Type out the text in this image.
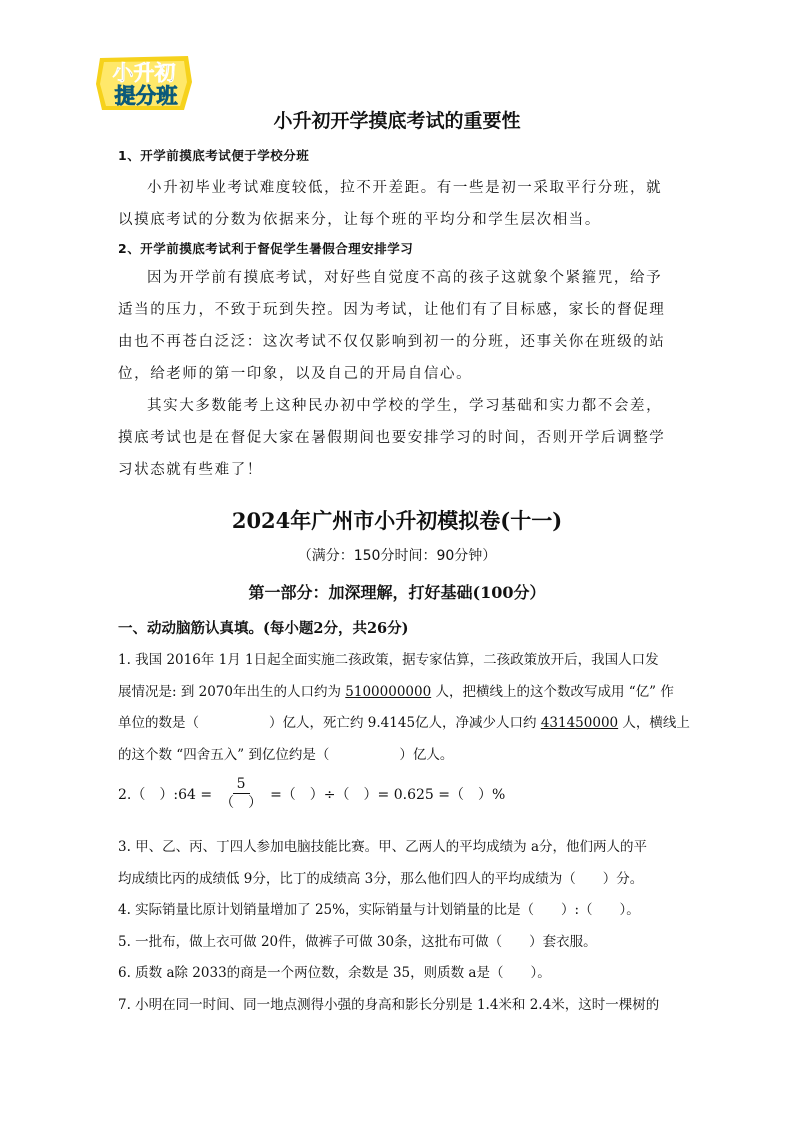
小升初
提分班
小升初开学摸底考试的重要性
1、开学前摸底考试便于学校分班

小升初毕业考试难度较低，拉不开差距。有一些是初一采取平行分班，就以摸底考试的分数为依据来分，让每个班的平均分和学生层次相当。

2、开学前摸底考试利于督促学生暑假合理安排学习

因为开学前有摸底考试，对好些自觉度不高的孩子这就象个紧箍咒，给予适当的压力，不致于玩到失控。因为考试，让他们有了目标感，家长的督促理由也不再苍白泛泛：这次考试不仅仅影响到初一的分班，还事关你在班级的站位，给老师的第一印象，以及自己的开局自信心。

其实大多数能考上这种民办初中学校的学生，学习基础和实力都不会差，摸底考试也是在督促大家在暑假期间也要安排学习的时间，否则开学后调整学习状态就有些难了！

2024年广州市小升初模拟卷(十一)
（满分：150分时间：90分钟）
第一部分：加深理解，打好基础(100分）
一、动动脑筋认真填。(每小题2分，共26分)

1. 我国 2016年 1月 1日起全面实施二孩政策，据专家估算，二孩政策放开后，我国人口发

展情况是: 到 2070年出生的人口约为 5100000000 人，把横线上的这个数改写成用 “亿” 作

单位的数是（	）亿人，死亡约 9.4145亿人，净减少人口约 431450000 人，横线上

的这个数 “四舍五入” 到亿位约是（	）亿人。

2.（　）:64 = $\frac{5}{( )}$ =（　）÷（　）= 0.625 =（　）%

3. 甲、乙、丙、丁四人参加电脑技能比赛。甲、乙两人的平均成绩为 a分，他们两人的平

均成绩比丙的成绩低 9分，比丁的成绩高 3分，那么他们四人的平均成绩为（　　）分。

4. 实际销量比原计划销量增加了 25%，实际销量与计划销量的比是（　　）:（　　）。

5. 一批布，做上衣可做 20件，做裤子可做 30条，这批布可做（　　）套衣服。

6. 质数 a除 2033的商是一个两位数，余数是 35，则质数 a是（　　）。

7. 小明在同一时间、同一地点测得小强的身高和影长分别是 1.4米和 2.4米，这时一棵树的
